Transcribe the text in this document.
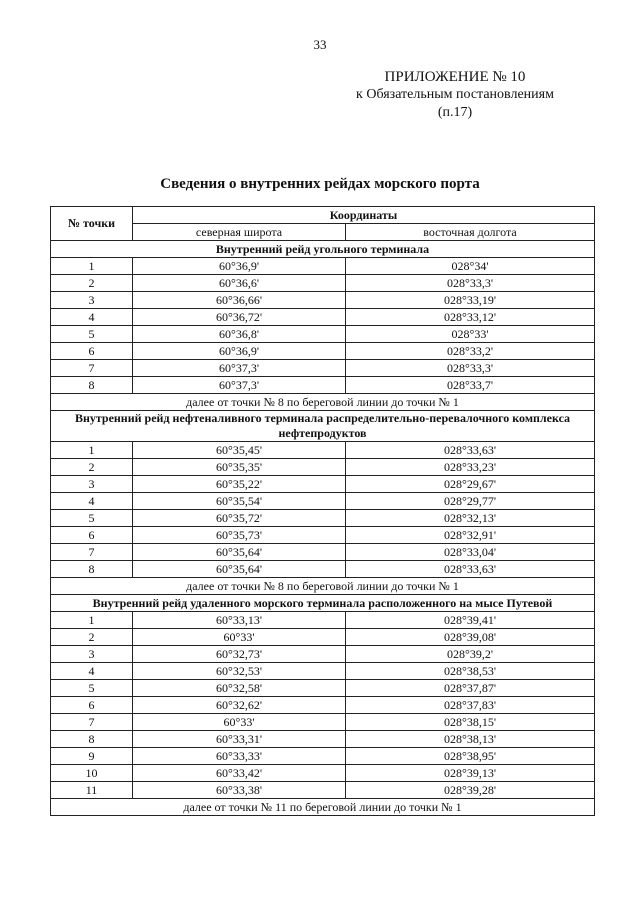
33
ПРИЛОЖЕНИЕ № 10
к Обязательным постановлениям
(п.17)
Сведения о внутренних рейдах морского порта
№ точки	Координаты	
	северная широта	восточная долгота
Внутренний рейд угольного терминала		
1	60°36,9'	028°34'
2	60°36,6'	028°33,3'
3	60°36,66'	028°33,19'
4	60°36,72'	028°33,12'
5	60°36,8'	028°33'
6	60°36,9'	028°33,2'
7	60°37,3'	028°33,3'
8	60°37,3'	028°33,7'
далее от точки № 8 по береговой линии до точки № 1		
Внутренний рейд нефтеналивного терминала распределительно-перевалочного комплекса нефтепродуктов		
1	60°35,45'	028°33,63'
2	60°35,35'	028°33,23'
3	60°35,22'	028°29,67'
4	60°35,54'	028°29,77'
5	60°35,72'	028°32,13'
6	60°35,73'	028°32,91'
7	60°35,64'	028°33,04'
8	60°35,64'	028°33,63'
далее от точки № 8 по береговой линии до точки № 1		
Внутренний рейд удаленного морского терминала расположенного на мысе Путевой		
1	60°33,13'	028°39,41'
2	60°33'	028°39,08'
3	60°32,73'	028°39,2'
4	60°32,53'	028°38,53'
5	60°32,58'	028°37,87'
6	60°32,62'	028°37,83'
7	60°33'	028°38,15'
8	60°33,31'	028°38,13'
9	60°33,33'	028°38,95'
10	60°33,42'	028°39,13'
11	60°33,38'	028°39,28'
далее от точки № 11 по береговой линии до точки № 1		
